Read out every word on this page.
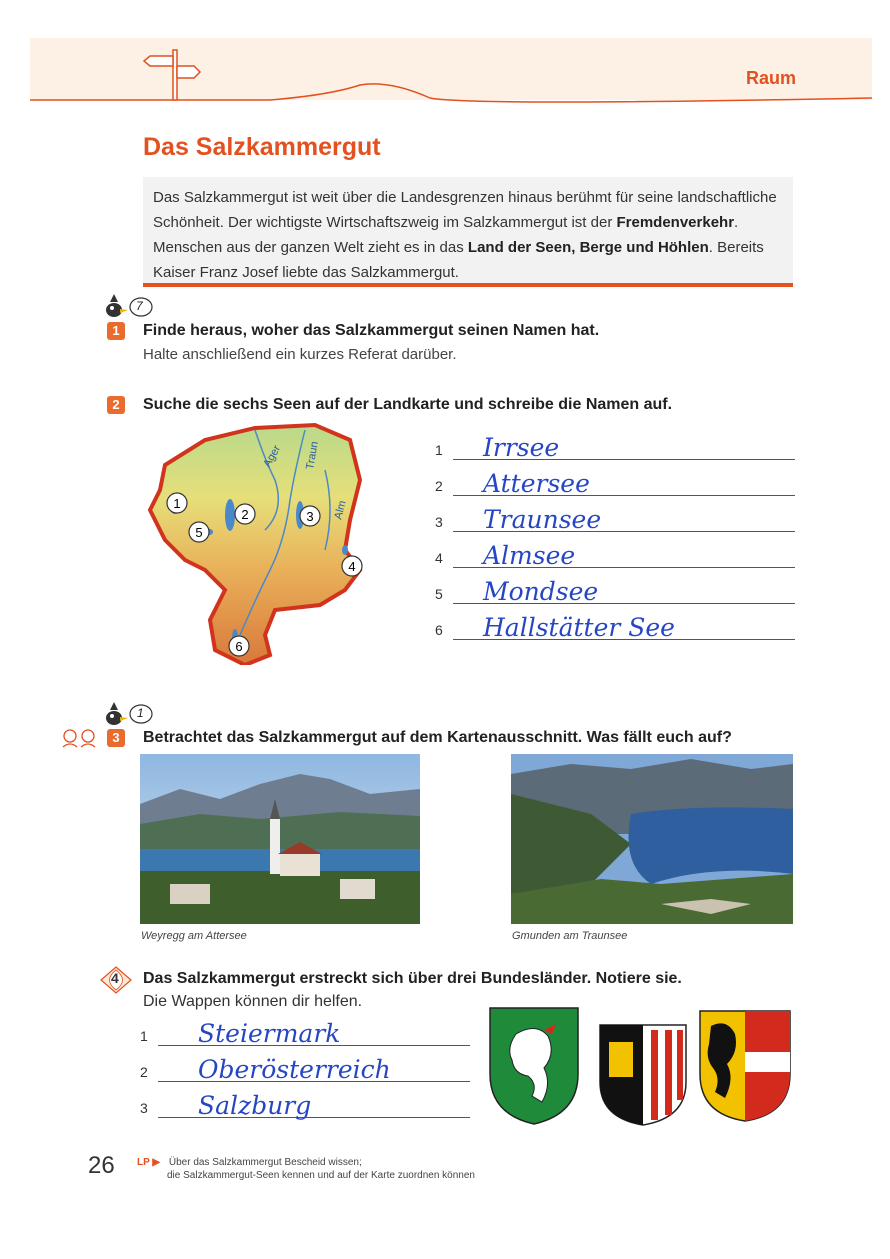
Raum
Das Salzkammergut
Das Salzkammergut ist weit über die Landesgrenzen hinaus berühmt für seine landschaftliche Schönheit. Der wichtigste Wirtschaftszweig im Salzkammergut ist der Fremdenverkehr. Menschen aus der ganzen Welt zieht es in das Land der Seen, Berge und Höhlen. Bereits Kaiser Franz Josef liebte das Salzkammergut.
7
1	Finde heraus, woher das Salzkammergut seinen Namen hat.
Halte anschließend ein kurzes Referat darüber.
2	Suche die sechs Seen auf der Landkarte und schreibe die Namen auf.
Ager Traun
Alm
1
2	3
4
5
6
1 Irrsee
2 Attersee
3 Traunsee
4 Almsee
5 Mondsee
6 Hallstätter See
1
3	Betrachtet das Salzkammergut auf dem Kartenausschnitt. Was fällt euch auf?
Weyregg am Attersee	Gmunden am Traunsee
4 Das Salzkammergut erstreckt sich über drei Bundesländer. Notiere sie.
Die Wappen können dir helfen.
1 Steiermark
2 Oberösterreich
3 Salzburg
26 LP ▶ Über das Salzkammergut Bescheid wissen;
die Salzkammergut-Seen kennen und auf der Karte zuordnen können
